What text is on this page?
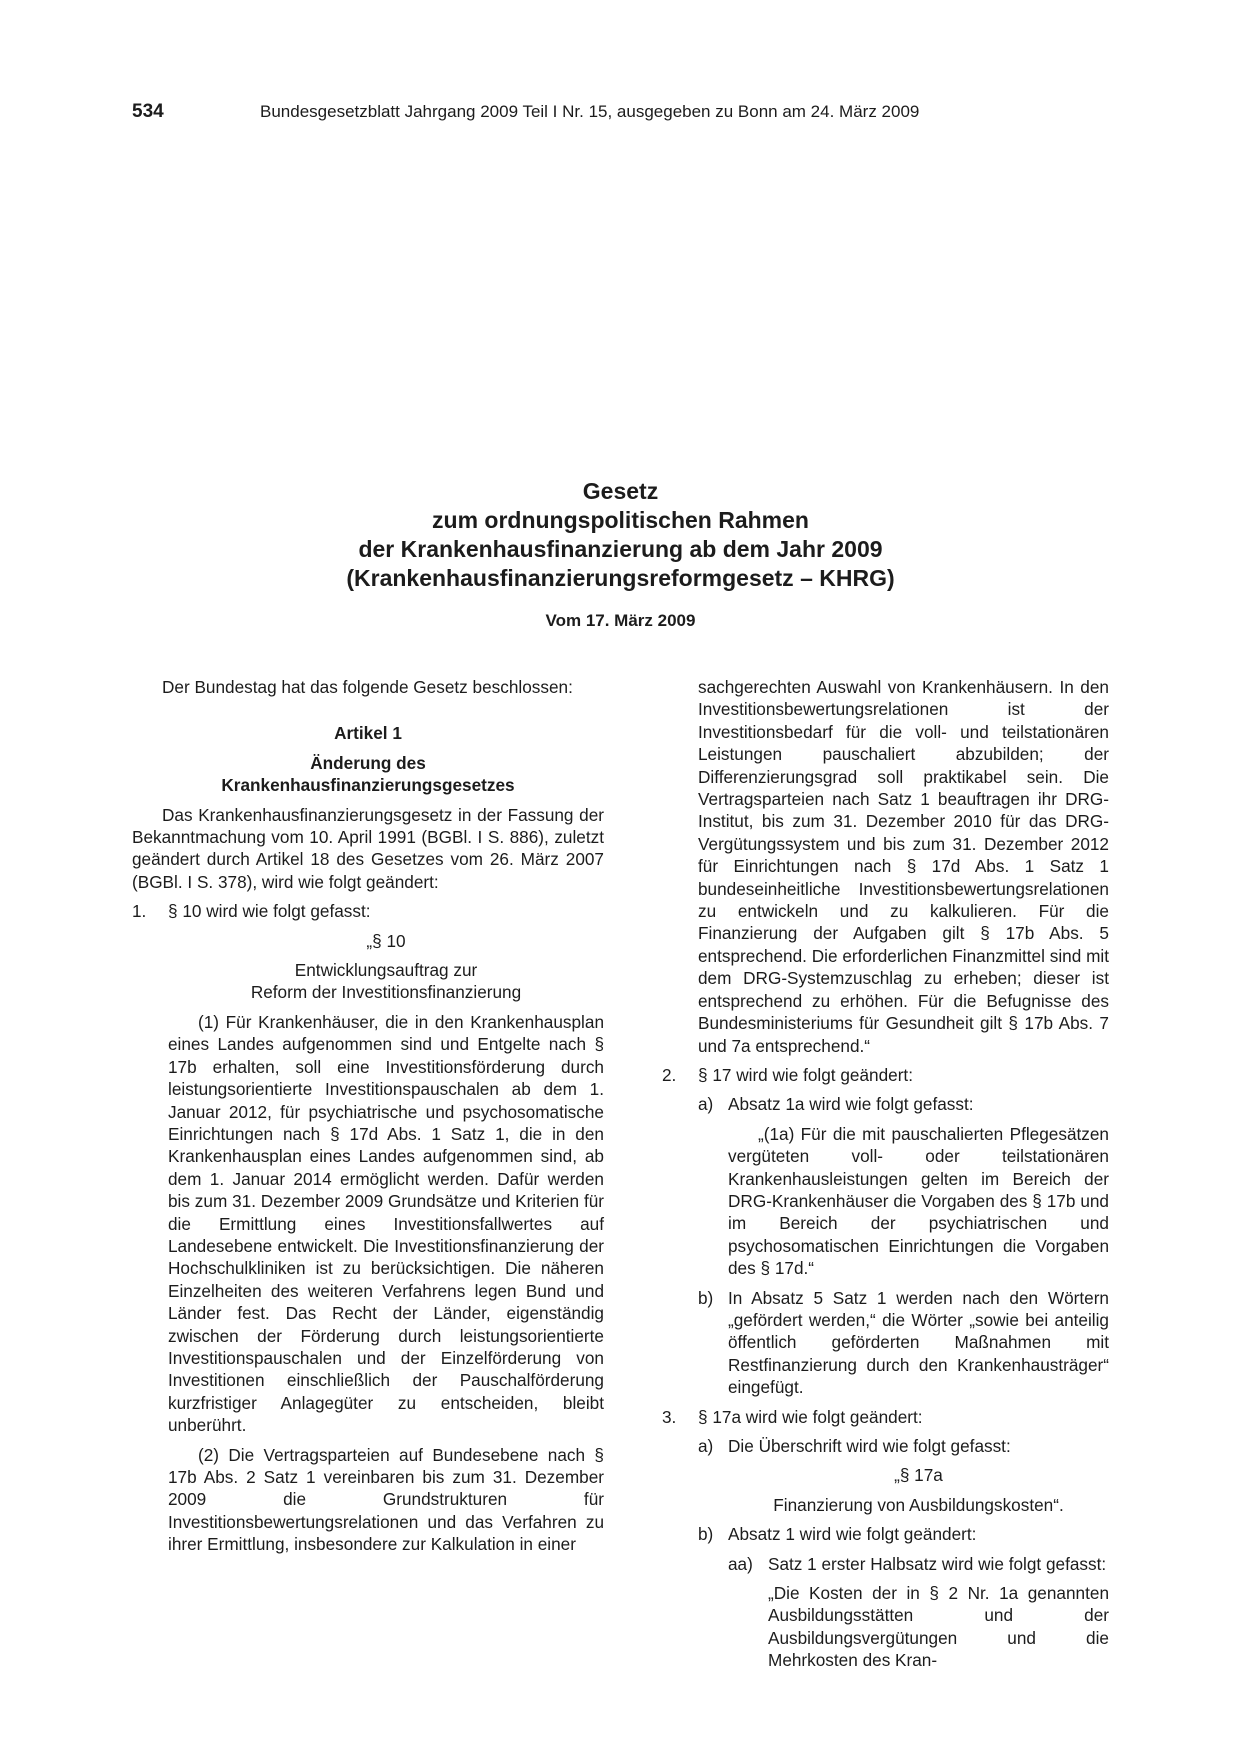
534	Bundesgesetzblatt Jahrgang 2009 Teil I Nr. 15, ausgegeben zu Bonn am 24. März 2009
Gesetz
zum ordnungspolitischen Rahmen
der Krankenhausfinanzierung ab dem Jahr 2009
(Krankenhausfinanzierungsreformgesetz – KHRG)
Vom 17. März 2009

Der Bundestag hat das folgende Gesetz beschlossen:

Artikel 1

Änderung des

Krankenhausfinanzierungsgesetzes

Das Krankenhausfinanzierungsgesetz in der Fassung der Bekanntmachung vom 10. April 1991 (BGBl. I S. 886), zuletzt geändert durch Artikel 18 des Gesetzes vom 26. März 2007 (BGBl. I S. 378), wird wie folgt geändert:

1.	§ 10 wird wie folgt gefasst:

„§ 10

Entwicklungsauftrag zur

Reform der Investitionsfinanzierung

(1) Für Krankenhäuser, die in den Krankenhausplan eines Landes aufgenommen sind und Entgelte nach § 17b erhalten, soll eine Investitionsförderung durch leistungsorientierte Investitionspauschalen ab dem 1. Januar 2012, für psychiatrische und psychosomatische Einrichtungen nach § 17d Abs. 1 Satz 1, die in den Krankenhausplan eines Landes aufgenommen sind, ab dem 1. Januar 2014 ermöglicht werden. Dafür werden bis zum 31. Dezember 2009 Grundsätze und Kriterien für die Ermittlung eines Investitionsfallwertes auf Landesebene entwickelt. Die Investitionsfinanzierung der Hochschulkliniken ist zu berücksichtigen. Die näheren Einzelheiten des weiteren Verfahrens legen Bund und Länder fest. Das Recht der Länder, eigenständig zwischen der Förderung durch leistungsorientierte Investitionspauschalen und der Einzelförderung von Investitionen einschließlich der Pauschalförderung kurzfristiger Anlagegüter zu entscheiden, bleibt unberührt.

(2) Die Vertragsparteien auf Bundesebene nach § 17b Abs. 2 Satz 1 vereinbaren bis zum 31. Dezember 2009 die Grundstrukturen für Investitionsbewertungsrelationen und das Verfahren zu ihrer Ermittlung, insbesondere zur Kalkulation in einer

sachgerechten Auswahl von Krankenhäusern. In den Investitionsbewertungsrelationen ist der Investitionsbedarf für die voll- und teilstationären Leistungen pauschaliert abzubilden; der Differenzierungsgrad soll praktikabel sein. Die Vertragsparteien nach Satz 1 beauftragen ihr DRG-Institut, bis zum 31. Dezember 2010 für das DRG-Vergütungssystem und bis zum 31. Dezember 2012 für Einrichtungen nach § 17d Abs. 1 Satz 1 bundeseinheitliche Investitionsbewertungsrelationen zu entwickeln und zu kalkulieren. Für die Finanzierung der Aufgaben gilt § 17b Abs. 5 entsprechend. Die erforderlichen Finanzmittel sind mit dem DRG-Systemzuschlag zu erheben; dieser ist entsprechend zu erhöhen. Für die Befugnisse des Bundesministeriums für Gesundheit gilt § 17b Abs. 7 und 7a entsprechend.“

2.	§ 17 wird wie folgt geändert:

a) Absatz 1a wird wie folgt gefasst:

„(1a) Für die mit pauschalierten Pflegesätzen vergüteten voll- oder teilstationären Krankenhausleistungen gelten im Bereich der DRG-Krankenhäuser die Vorgaben des § 17b und im Bereich der psychiatrischen und psychosomatischen Einrichtungen die Vorgaben des § 17d.“

b) In Absatz 5 Satz 1 werden nach den Wörtern „gefördert werden,“ die Wörter „sowie bei anteilig öffentlich geförderten Maßnahmen mit Restfinanzierung durch den Krankenhausträger“ eingefügt.

3.	§ 17a wird wie folgt geändert:

a) Die Überschrift wird wie folgt gefasst:

„§ 17a

Finanzierung von Ausbildungskosten“.

b) Absatz 1 wird wie folgt geändert:

aa) Satz 1 erster Halbsatz wird wie folgt gefasst:

„Die Kosten der in § 2 Nr. 1a genannten Ausbildungsstätten und der Ausbildungsvergütungen und die Mehrkosten des Kran-
